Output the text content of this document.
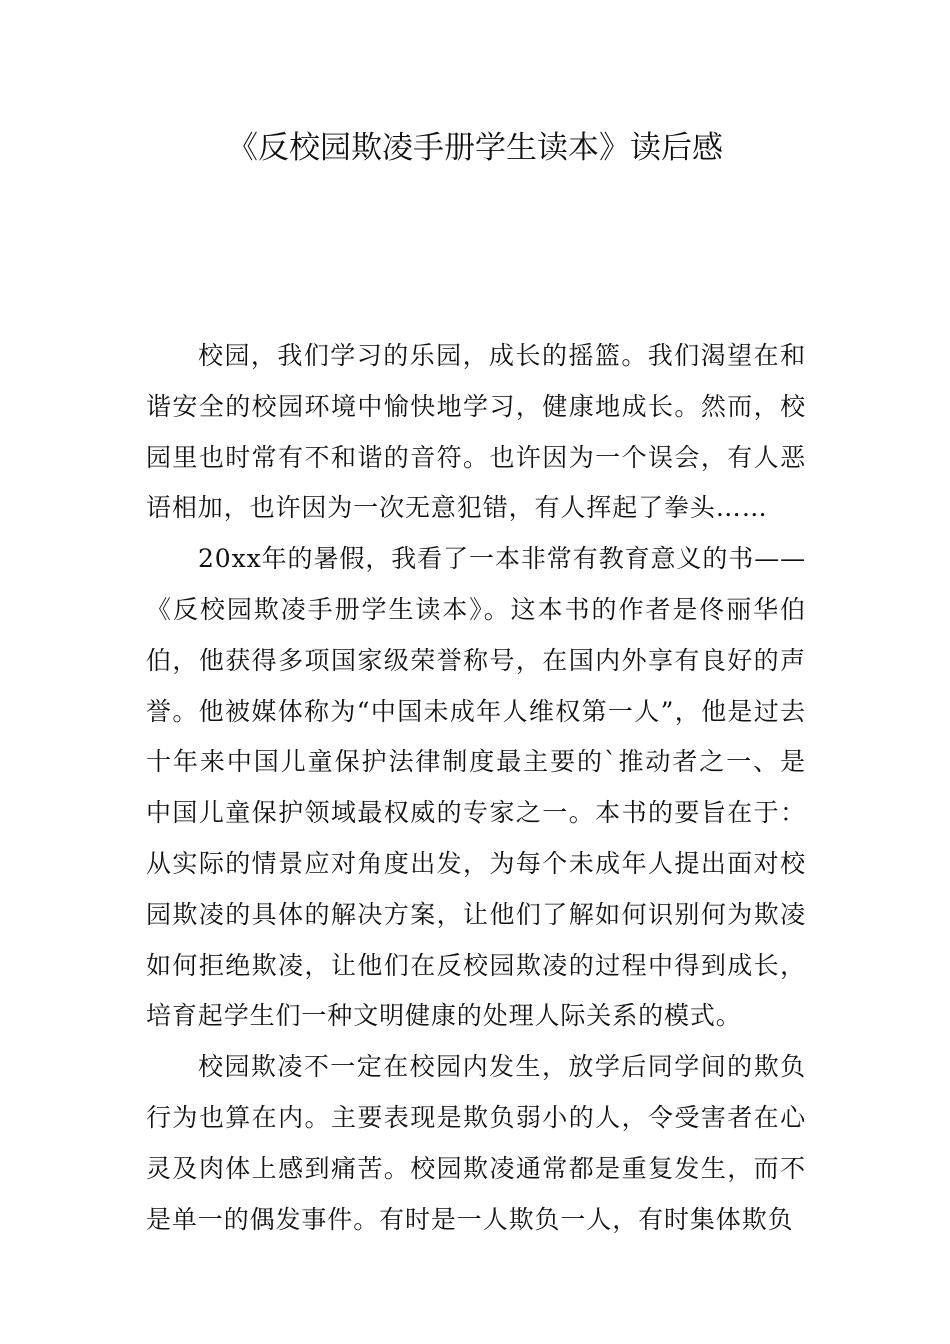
《反校园欺凌手册学生读本》读后感

校园，我们学习的乐园，成长的摇篮。我们渴望在和谐安全的校园环境中愉快地学习，健康地成长。然而，校园里也时常有不和谐的音符。也许因为一个误会，有人恶语相加，也许因为一次无意犯错，有人挥起了拳头……

20xx年的暑假，我看了一本非常有教育意义的书——《反校园欺凌手册学生读本》。这本书的作者是佟丽华伯伯，他获得多项国家级荣誉称号，在国内外享有良好的声誉。他被媒体称为“中国未成年人维权第一人”，他是过去十年来中国儿童保护法律制度最主要的`推动者之一、是中国儿童保护领域最权威的专家之一。本书的要旨在于：从实际的情景应对角度出发，为每个未成年人提出面对校园欺凌的具体的解决方案，让他们了解如何识别何为欺凌如何拒绝欺凌，让他们在反校园欺凌的过程中得到成长，培育起学生们一种文明健康的处理人际关系的模式。

校园欺凌不一定在校园内发生，放学后同学间的欺负行为也算在内。主要表现是欺负弱小的人，令受害者在心灵及肉体上感到痛苦。校园欺凌通常都是重复发生，而不是单一的偶发事件。有时是一人欺负一人，有时集体欺负
